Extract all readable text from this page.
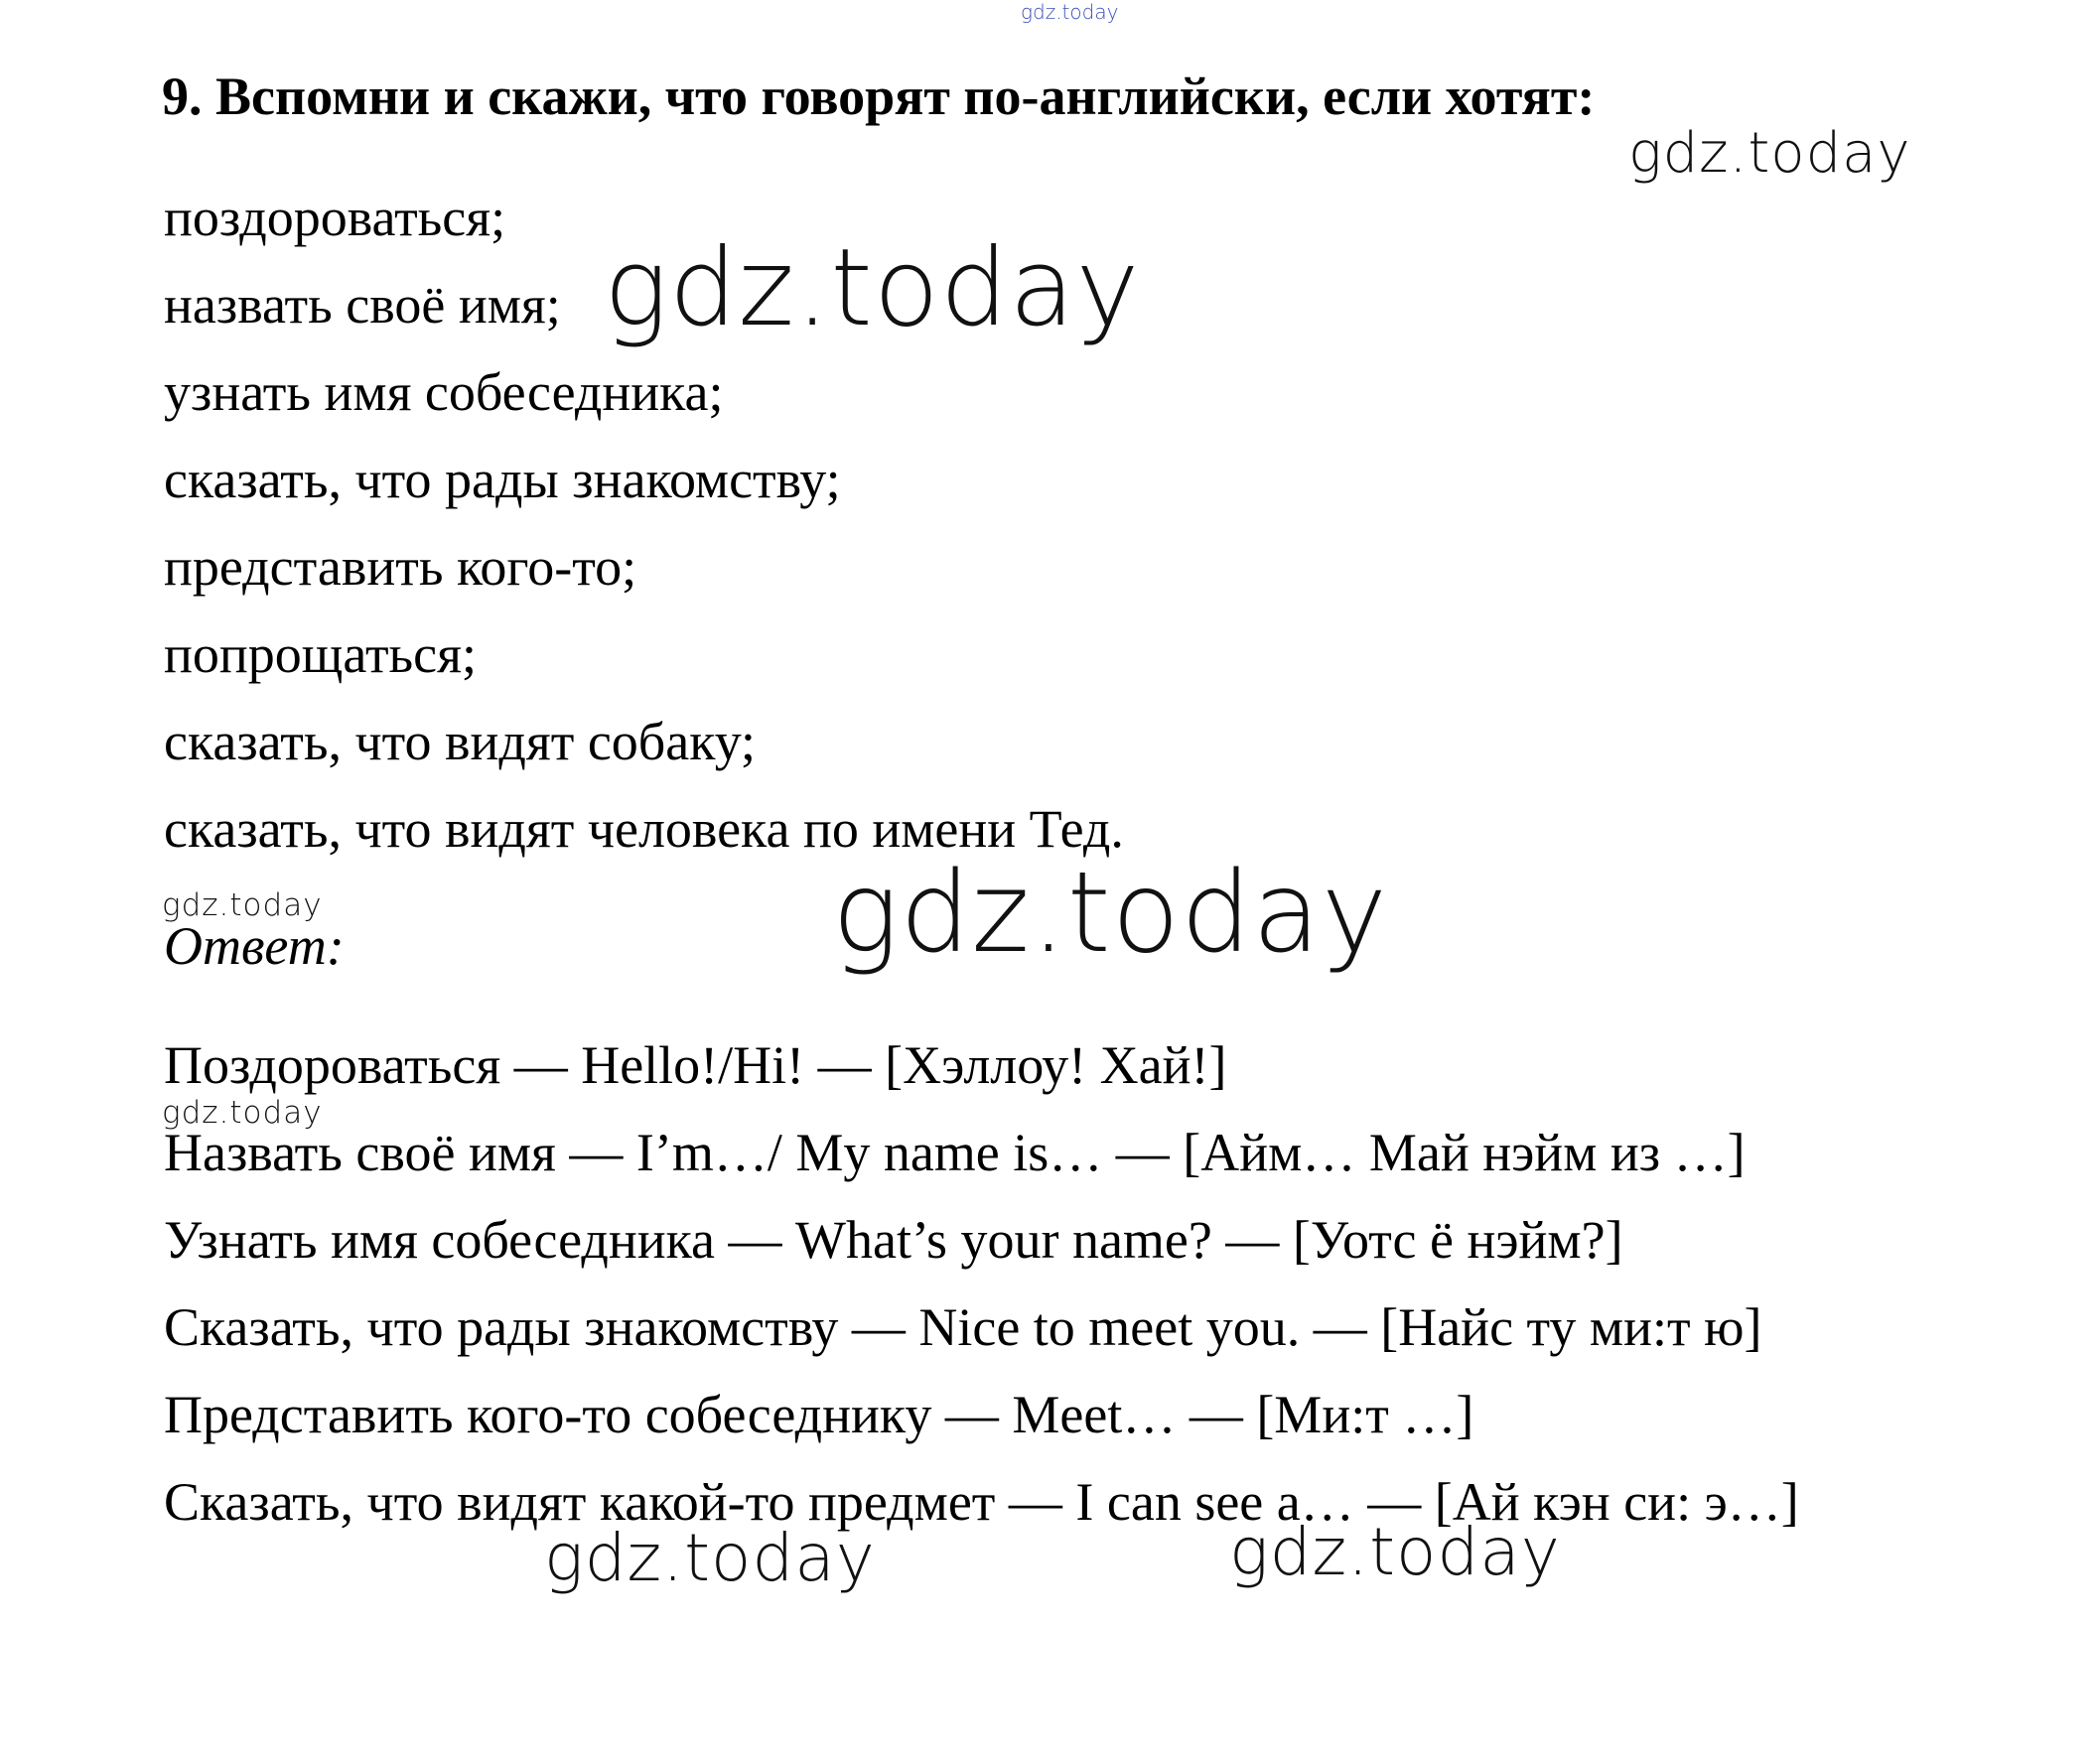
gdz.today
9. Вспомни и скажи, что говорят по-английски, если хотят:
поздороваться;
назвать своё имя;
узнать имя собеседника;
сказать, что рады знакомству;
представить кого-то;
попрощаться;
сказать, что видят собаку;
сказать, что видят человека по имени Тед.
Ответ:
Поздороваться — Hello!/Hi! — [Хэллоу! Хай!]
Назвать своё имя — I’m…/ My name is… — [Айм… Май нэйм из …]
Узнать имя собеседника — What’s your name? — [Уотс ё нэйм?]
Сказать, что рады знакомству — Nice to meet you. — [Найс ту ми:т ю]
Представить кого-то собеседнику — Meet… — [Ми:т …]
Сказать, что видят какой-то предмет — I can see a… — [Ай кэн си: э…]
gdz.today
gdz.today
gdz.today
gdz.today
gdz.today
gdz.today	gdz.today
